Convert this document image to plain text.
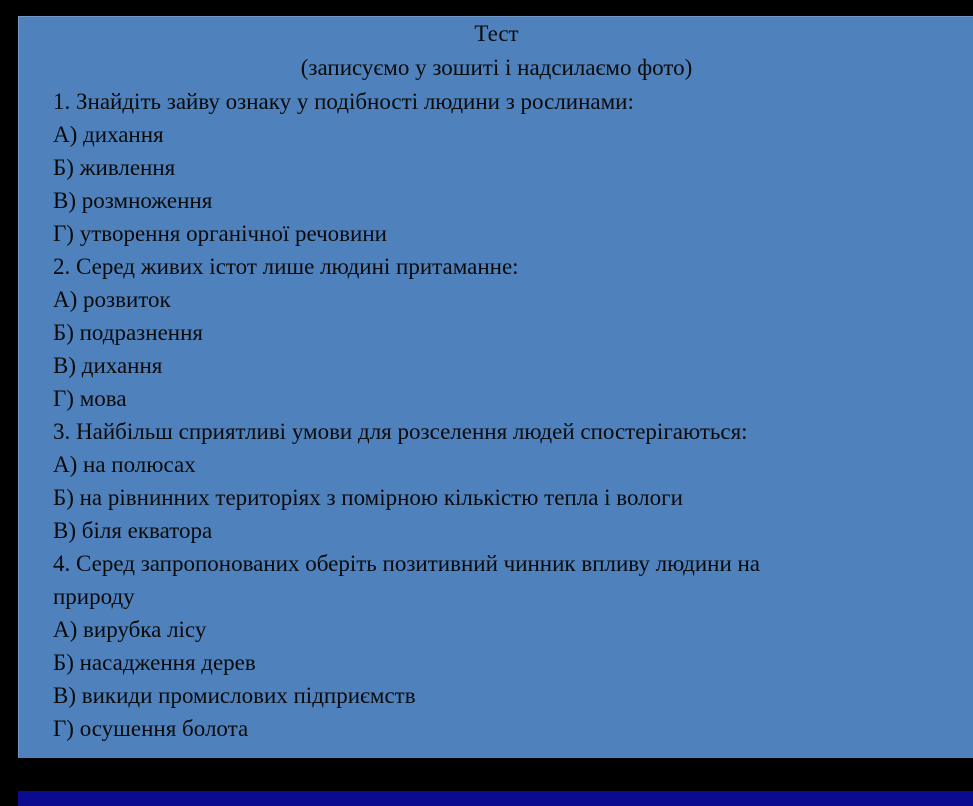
Тест
(записуємо у зошиті і надсилаємо фото)
1. Знайдіть зайву ознаку у подібності людини з рослинами:
А) дихання
Б) живлення
В) розмноження
Г) утворення органічної речовини
2. Серед живих істот лише людині притаманне:
А) розвиток
Б) подразнення
В) дихання
Г) мова
3. Найбільш сприятливі умови для розселення людей спостерігаються:
А) на полюсах
Б) на рівнинних територіях з помірною кількістю тепла і вологи
В) біля екватора
4. Серед запропонованих оберіть позитивний чинник впливу людини на
природу
А) вирубка лісу
Б) насадження дерев
В) викиди промислових підприємств
Г) осушення болота
